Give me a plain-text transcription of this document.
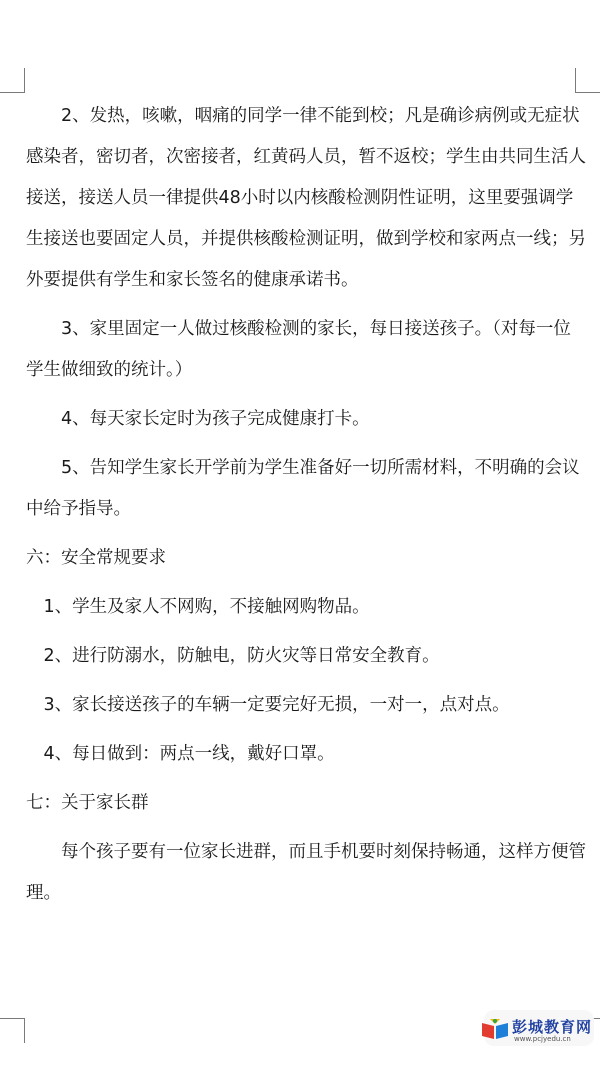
2、发热，咳嗽，咽痛的同学一律不能到校；凡是确诊病例或无症状感染者，密切者，次密接者，红黄码人员，暂不返校；学生由共同生活人接送，接送人员一律提供48小时以内核酸检测阴性证明，这里要强调学生接送也要固定人员，并提供核酸检测证明，做到学校和家两点一线；另外要提供有学生和家长签名的健康承诺书。

3、家里固定一人做过核酸检测的家长，每日接送孩子。（对每一位学生做细致的统计。）

4、每天家长定时为孩子完成健康打卡。

5、告知学生家长开学前为学生准备好一切所需材料，不明确的会议中给予指导。

六：安全常规要求

1、学生及家人不网购，不接触网购物品。

2、进行防溺水，防触电，防火灾等日常安全教育。

3、家长接送孩子的车辆一定要完好无损，一对一，点对点。

4、每日做到：两点一线，戴好口罩。

七：关于家长群

每个孩子要有一位家长进群，而且手机要时刻保持畅通，这样方便管理。

彭城教育网
www.pcjyedu.cn
